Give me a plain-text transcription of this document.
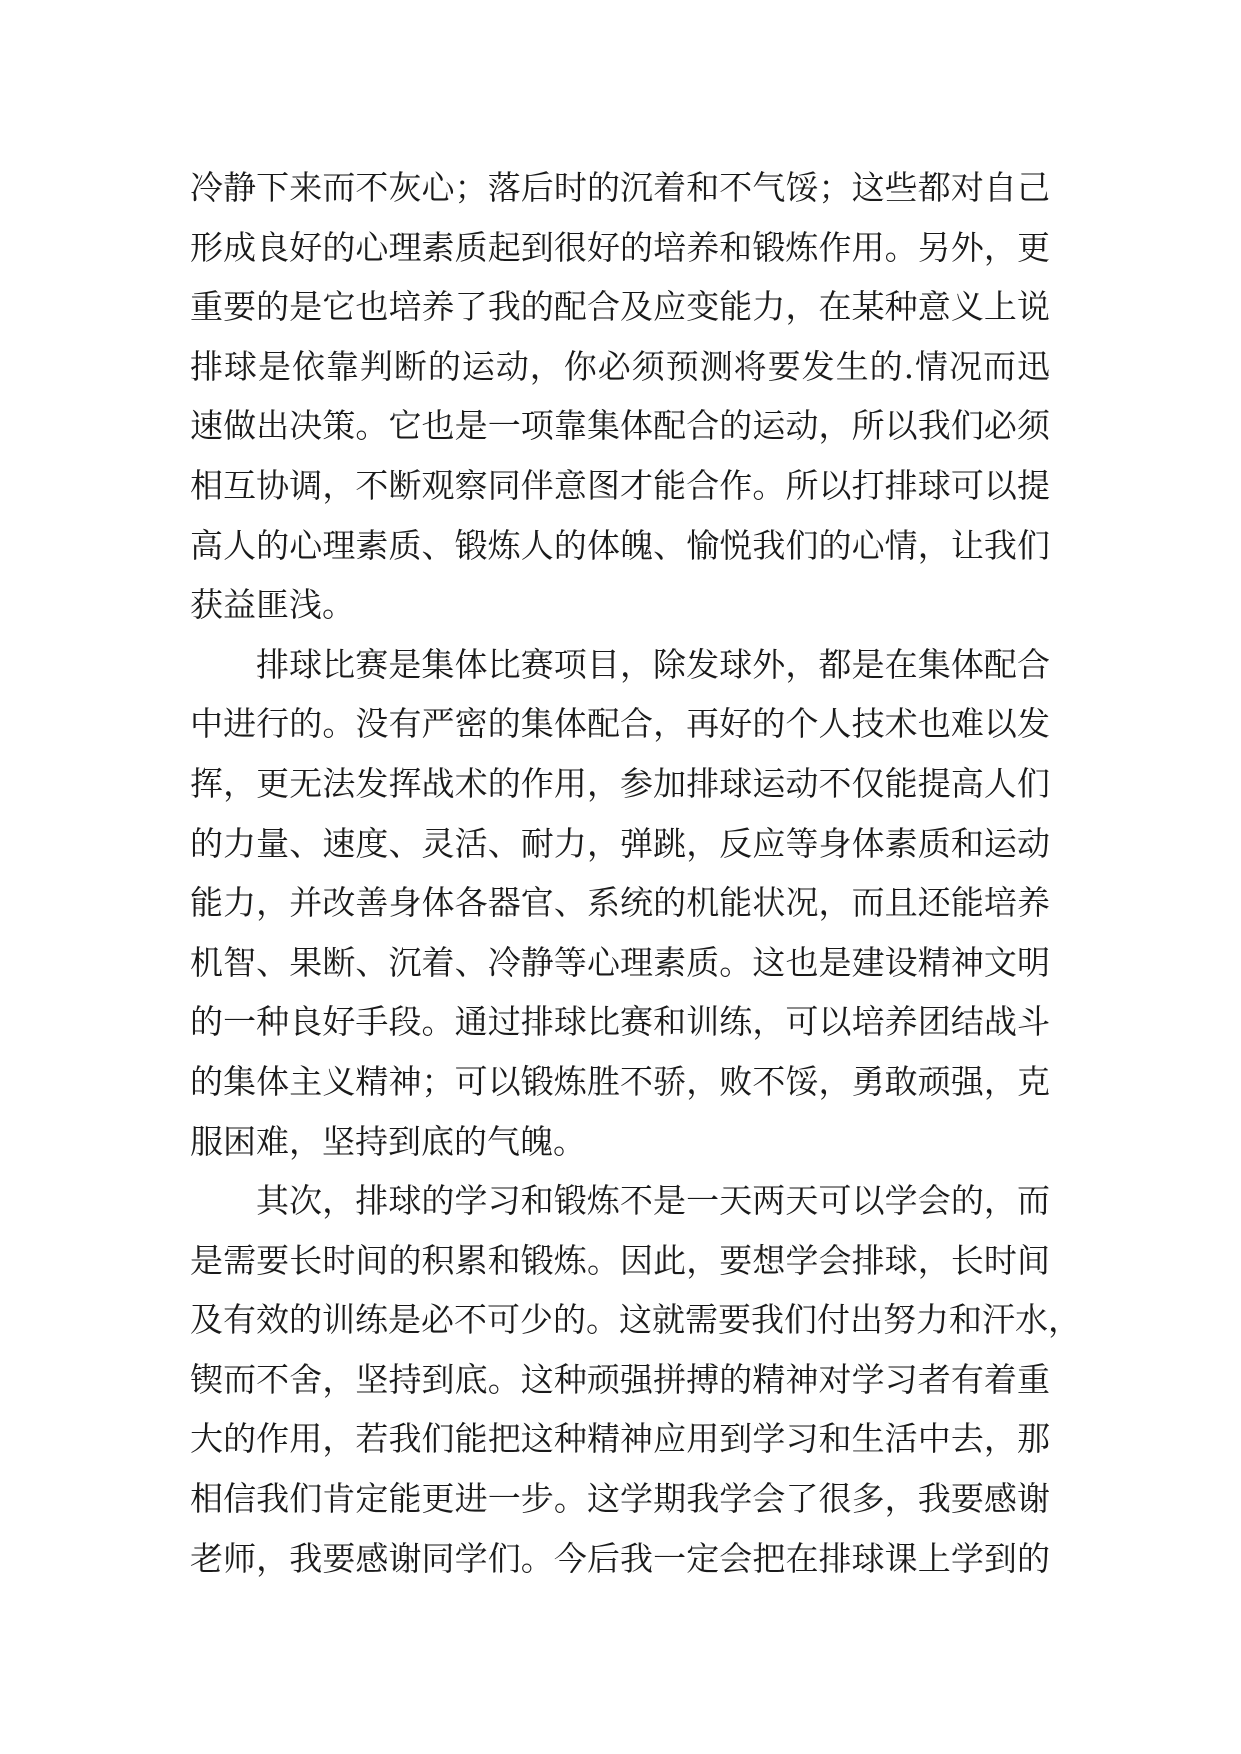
冷静下来而不灰心；落后时的沉着和不气馁；这些都对自己
形成良好的心理素质起到很好的培养和锻炼作用。另外，更
重要的是它也培养了我的配合及应变能力，在某种意义上说
排球是依靠判断的运动，你必须预测将要发生的.情况而迅
速做出决策。它也是一项靠集体配合的运动，所以我们必须
相互协调，不断观察同伴意图才能合作。所以打排球可以提
高人的心理素质、锻炼人的体魄、愉悦我们的心情，让我们
获益匪浅。
排球比赛是集体比赛项目，除发球外，都是在集体配合
中进行的。没有严密的集体配合，再好的个人技术也难以发
挥，更无法发挥战术的作用，参加排球运动不仅能提高人们
的力量、速度、灵活、耐力，弹跳，反应等身体素质和运动
能力，并改善身体各器官、系统的机能状况，而且还能培养
机智、果断、沉着、冷静等心理素质。这也是建设精神文明
的一种良好手段。通过排球比赛和训练，可以培养团结战斗
的集体主义精神；可以锻炼胜不骄，败不馁，勇敢顽强，克
服困难，坚持到底的气魄。
其次，排球的学习和锻炼不是一天两天可以学会的，而
是需要长时间的积累和锻炼。因此，要想学会排球，长时间
及有效的训练是必不可少的。这就需要我们付出努力和汗水，
锲而不舍，坚持到底。这种顽强拼搏的精神对学习者有着重
大的作用，若我们能把这种精神应用到学习和生活中去，那
相信我们肯定能更进一步。这学期我学会了很多，我要感谢
老师，我要感谢同学们。今后我一定会把在排球课上学到的
